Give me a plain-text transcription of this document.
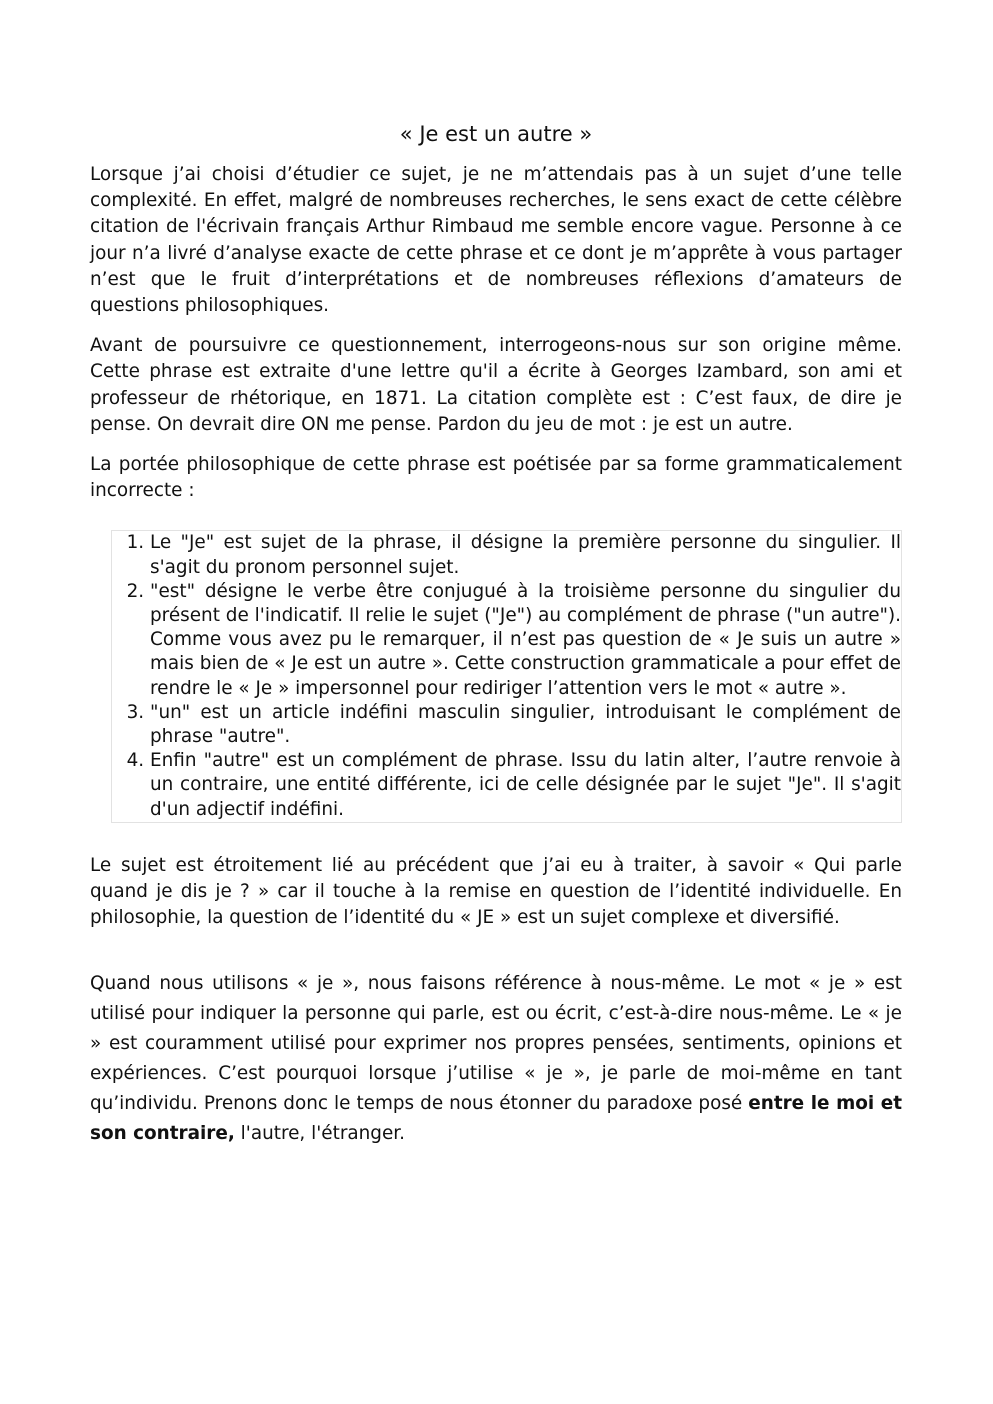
« Je est un autre »

Lorsque j’ai choisi d’étudier ce sujet, je ne m’attendais pas à un sujet d’une telle complexité. En effet, malgré de nombreuses recherches, le sens exact de cette célèbre citation de l'écrivain français Arthur Rimbaud me semble encore vague. Personne à ce jour n’a livré d’analyse exacte de cette phrase et ce dont je m’apprête à vous partager n’est que le fruit d’interprétations et de nombreuses réflexions d’amateurs de questions philosophiques.

Avant de poursuivre ce questionnement, interrogeons-nous sur son origine même. Cette phrase est extraite d'une lettre qu'il a écrite à Georges Izambard, son ami et professeur de rhétorique, en 1871. La citation complète est : C’est faux, de dire je pense. On devrait dire ON me pense. Pardon du jeu de mot : je est un autre.

La portée philosophique de cette phrase est poétisée par sa forme grammaticalement incorrecte :

1. Le "Je" est sujet de la phrase, il désigne la première personne du singulier. Il s'agit du pronom personnel sujet.
2. "est" désigne le verbe être conjugué à la troisième personne du singulier du présent de l'indicatif. Il relie le sujet ("Je") au complément de phrase ("un autre"). Comme vous avez pu le remarquer, il n’est pas question de « Je suis un autre » mais bien de « Je est un autre ». Cette construction grammaticale a pour effet de rendre le « Je » impersonnel pour rediriger l’attention vers le mot « autre ».
3. "un" est un article indéfini masculin singulier, introduisant le complément de phrase "autre".
4. Enfin "autre" est un complément de phrase. Issu du latin alter, l’autre renvoie à un contraire, une entité différente, ici de celle désignée par le sujet "Je". Il s'agit d'un adjectif indéfini.

Le sujet est étroitement lié au précédent que j’ai eu à traiter, à savoir « Qui parle quand je dis je ? » car il touche à la remise en question de l’identité individuelle. En philosophie, la question de l’identité du « JE » est un sujet complexe et diversifié.

Quand nous utilisons « je », nous faisons référence à nous-même. Le mot « je » est utilisé pour indiquer la personne qui parle, est ou écrit, c’est-à-dire nous-même. Le « je » est couramment utilisé pour exprimer nos propres pensées, sentiments, opinions et expériences. C’est pourquoi lorsque j’utilise « je », je parle de moi-même en tant qu’individu. Prenons donc le temps de nous étonner du paradoxe posé entre le moi et son contraire, l'autre, l'étranger.
